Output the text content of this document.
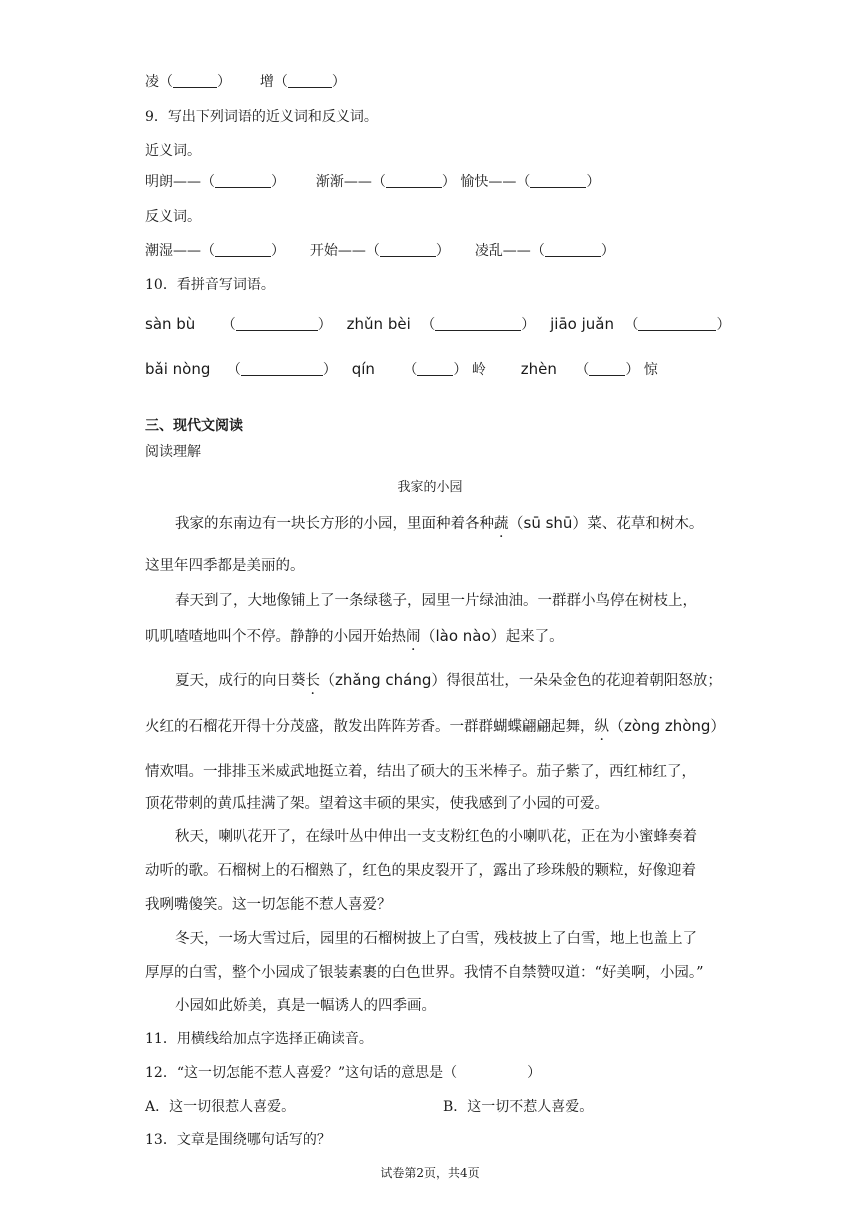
凌（	）  增（	）
9．写出下列词语的近义词和反义词。
近义词。
明朗——（	）  渐渐——（	） 愉快——（	）
反义词。
潮湿——（	）  开始——（	）  凌乱——（	）
10．看拼音写词语。
sàn bù （	）  zhǔn bèi （	）  jiāo juǎn （	）
bǎi nòng （	）  qín （	） 岭 zhèn （	） 惊
三、现代文阅读
阅读理解
我家的小园
我家的东南边有一块长方形的小园，里面种着各种蔬（sū shū）菜、花草和树木。
这里年四季都是美丽的。
春天到了，大地像铺上了一条绿毯子，园里一片绿油油。一群群小鸟停在树枝上，
叽叽喳喳地叫个不停。静静的小园开始热闹（lào nào）起来了。
夏天，成行的向日葵长（zhǎng cháng）得很茁壮，一朵朵金色的花迎着朝阳怒放；
火红的石榴花开得十分茂盛，散发出阵阵芳香。一群群蝴蝶翩翩起舞，纵（zòng zhòng）
情欢唱。一排排玉米威武地挺立着，结出了硕大的玉米棒子。茄子紫了，西红柿红了，
顶花带刺的黄瓜挂满了架。望着这丰硕的果实，使我感到了小园的可爱。
秋天，喇叭花开了，在绿叶丛中伸出一支支粉红色的小喇叭花，正在为小蜜蜂奏着
动听的歌。石榴树上的石榴熟了，红色的果皮裂开了，露出了珍珠般的颗粒，好像迎着
我咧嘴傻笑。这一切怎能不惹人喜爱？
冬天，一场大雪过后，园里的石榴树披上了白雪，残枝披上了白雪，地上也盖上了
厚厚的白雪，整个小园成了银装素裹的白色世界。我情不自禁赞叹道：“好美啊，小园。”
小园如此娇美，真是一幅诱人的四季画。
11．用横线给加点字选择正确读音。
12．“这一切怎能不惹人喜爱？”这句话的意思是（	）
A．这一切很惹人喜爱。	B．这一切不惹人喜爱。
13．文章是围绕哪句话写的？
试卷第2页，共4页
